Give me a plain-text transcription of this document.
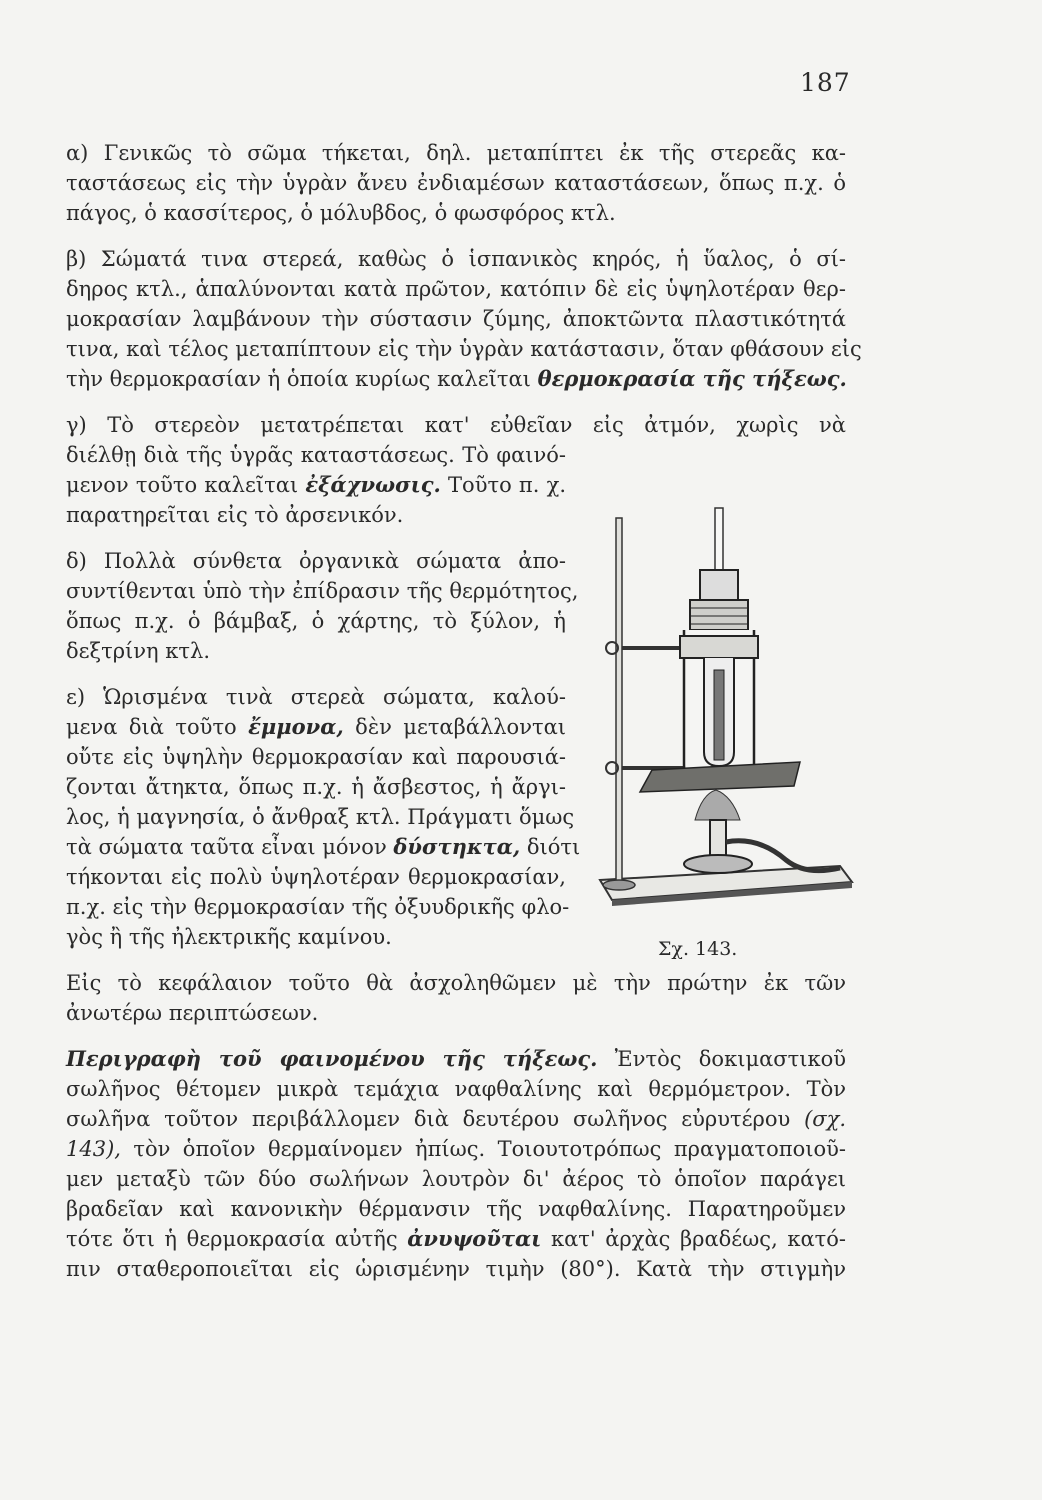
187
α) Γενικῶς τὸ σῶμα τήκεται, δηλ. μεταπίπτει ἐκ τῆς στερεᾶς κα-
ταστάσεως εἰς τὴν ὑγρὰν ἄνευ ἐνδιαμέσων καταστάσεων, ὅπως π.χ. ὁ
πάγος, ὁ κασσίτερος, ὁ μόλυβδος, ὁ φωσφόρος κτλ.
β) Σώματά τινα στερεά, καθὼς ὁ ἱσπανικὸς κηρός, ἡ ὕαλος, ὁ σί-
δηρος κτλ., ἁπαλύνονται κατὰ πρῶτον, κατόπιν δὲ εἰς ὑψηλοτέραν θερ-
μοκρασίαν λαμβάνουν τὴν σύστασιν ζύμης, ἀποκτῶντα πλαστικότητά
τινα, καὶ τέλος μεταπίπτουν εἰς τὴν ὑγρὰν κατάστασιν, ὅταν φθάσουν εἰς
τὴν θερμοκρασίαν ἡ ὁποία κυρίως καλεῖται θερμοκρασία τῆς τήξεως.
γ) Τὸ στερεὸν μετατρέπεται κατ' εὐθεῖαν εἰς ἀτμόν, χωρὶς νὰ
διέλθῃ διὰ τῆς ὑγρᾶς καταστάσεως. Τὸ φαινό-
μενον τοῦτο καλεῖται ἐξάχνωσις. Τοῦτο π. χ.
παρατηρεῖται εἰς τὸ ἀρσενικόν.
δ) Πολλὰ σύνθετα ὀργανικὰ σώματα ἀπο-
συντίθενται ὑπὸ τὴν ἐπίδρασιν τῆς θερμότητος,
ὅπως π.χ. ὁ βάμβαξ, ὁ χάρτης, τὸ ξύλον, ἡ
δεξτρίνη κτλ.
ε) Ὡρισμένα τινὰ στερεὰ σώματα, καλού-
μενα διὰ τοῦτο ἔμμονα, δὲν μεταβάλλονται
οὔτε εἰς ὑψηλὴν θερμοκρασίαν καὶ παρουσιά-
ζονται ἄτηκτα, ὅπως π.χ. ἡ ἄσβεστος, ἡ ἄργι-
λος, ἡ μαγνησία, ὁ ἄνθραξ κτλ. Πράγματι ὅμως
τὰ σώματα ταῦτα εἶναι μόνον δύστηκτα, διότι
τήκονται εἰς πολὺ ὑψηλοτέραν θερμοκρασίαν,
π.χ. εἰς τὴν θερμοκρασίαν τῆς ὀξυυδρικῆς φλο-
γὸς ἢ τῆς ἠλεκτρικῆς καμίνου.
Εἰς τὸ κεφάλαιον τοῦτο θὰ ἀσχοληθῶμεν μὲ τὴν πρώτην ἐκ τῶν
ἀνωτέρω περιπτώσεων.
Περιγραφὴ τοῦ φαινομένου τῆς τήξεως. Ἐντὸς δοκιμαστικοῦ
σωλῆνος θέτομεν μικρὰ τεμάχια ναφθαλίνης καὶ θερμόμετρον. Τὸν
σωλῆνα τοῦτον περιβάλλομεν διὰ δευτέρου σωλῆνος εὐρυτέρου (σχ.
143), τὸν ὁποῖον θερμαίνομεν ἠπίως. Τοιουτοτρόπως πραγματοποιοῦ-
μεν μεταξὺ τῶν δύο σωλήνων λουτρὸν δι' ἀέρος τὸ ὁποῖον παράγει
βραδεῖαν καὶ κανονικὴν θέρμανσιν τῆς ναφθαλίνης. Παρατηροῦμεν
τότε ὅτι ἡ θερμοκρασία αὐτῆς ἀνυψοῦται κατ' ἀρχὰς βραδέως, κατό-
πιν σταθεροποιεῖται εἰς ὡρισμένην τιμὴν (80°). Κατὰ τὴν στιγμὴν
Σχ. 143.
